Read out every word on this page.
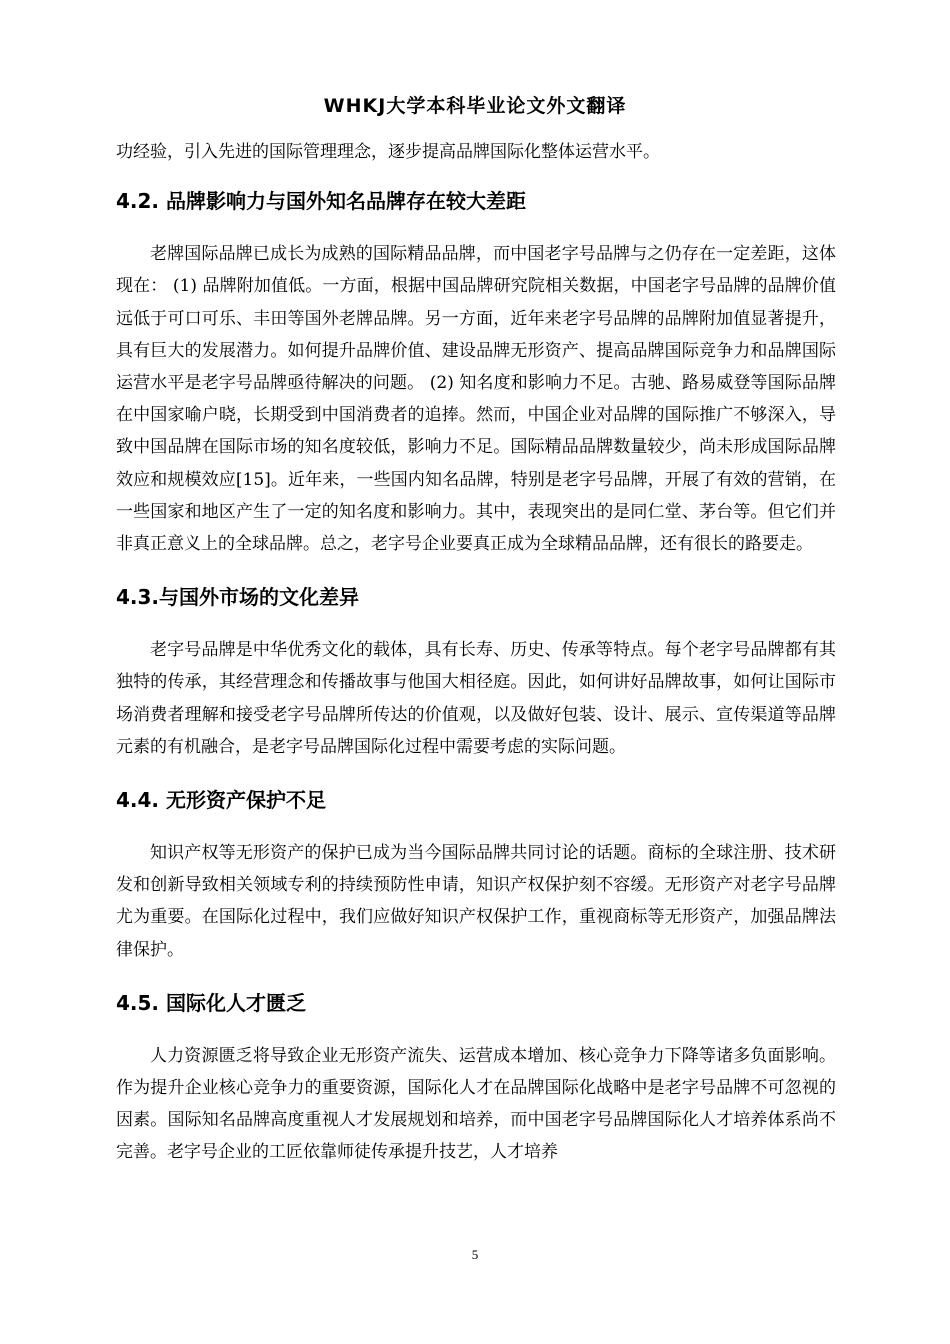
WHKJ大学本科毕业论文外文翻译

功经验，引入先进的国际管理理念，逐步提高品牌国际化整体运营水平。

4.2. 品牌影响力与国外知名品牌存在较大差距

老牌国际品牌已成长为成熟的国际精品品牌，而中国老字号品牌与之仍存在一定差距，这体现在： (1) 品牌附加值低。一方面，根据中国品牌研究院相关数据，中国老字号品牌的品牌价值远低于可口可乐、丰田等国外老牌品牌。另一方面，近年来老字号品牌的品牌附加值显著提升，具有巨大的发展潜力。如何提升品牌价值、建设品牌无形资产、提高品牌国际竞争力和品牌国际运营水平是老字号品牌亟待解决的问题。 (2) 知名度和影响力不足。古驰、路易威登等国际品牌在中国家喻户晓，长期受到中国消费者的追捧。然而，中国企业对品牌的国际推广不够深入，导致中国品牌在国际市场的知名度较低，影响力不足。国际精品品牌数量较少，尚未形成国际品牌效应和规模效应[15]。近年来，一些国内知名品牌，特别是老字号品牌，开展了有效的营销，在一些国家和地区产生了一定的知名度和影响力。其中，表现突出的是同仁堂、茅台等。但它们并非真正意义上的全球品牌。总之，老字号企业要真正成为全球精品品牌，还有很长的路要走。

4.3.与国外市场的文化差异

老字号品牌是中华优秀文化的载体，具有长寿、历史、传承等特点。每个老字号品牌都有其独特的传承，其经营理念和传播故事与他国大相径庭。因此，如何讲好品牌故事，如何让国际市场消费者理解和接受老字号品牌所传达的价值观，以及做好包装、设计、展示、宣传渠道等品牌元素的有机融合，是老字号品牌国际化过程中需要考虑的实际问题。

4.4. 无形资产保护不足

知识产权等无形资产的保护已成为当今国际品牌共同讨论的话题。商标的全球注册、技术研发和创新导致相关领域专利的持续预防性申请，知识产权保护刻不容缓。无形资产对老字号品牌尤为重要。在国际化过程中，我们应做好知识产权保护工作，重视商标等无形资产，加强品牌法律保护。

4.5. 国际化人才匮乏

人力资源匮乏将导致企业无形资产流失、运营成本增加、核心竞争力下降等诸多负面影响。作为提升企业核心竞争力的重要资源，国际化人才在品牌国际化战略中是老字号品牌不可忽视的因素。国际知名品牌高度重视人才发展规划和培养，而中国老字号品牌国际化人才培养体系尚不完善。老字号企业的工匠依靠师徒传承提升技艺，人才培养

5
